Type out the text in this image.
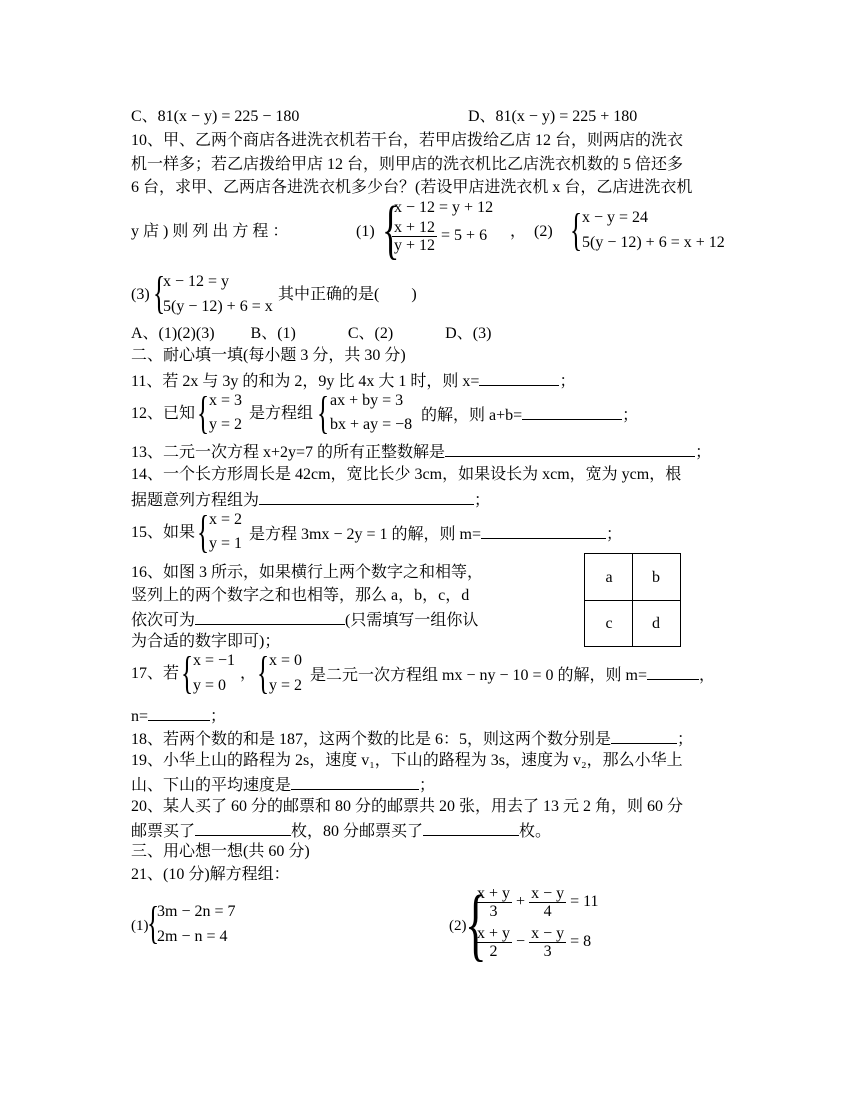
C、81(x − y) = 225 − 180	D、81(x − y) = 225 + 180
10、甲、乙两个商店各进洗衣机若干台，若甲店拨给乙店 12 台，则两店的洗衣
机一样多；若乙店拨给甲店 12 台，则甲店的洗衣机比乙店洗衣机数的 5 倍还多
6 台，求甲、乙两店各进洗衣机多少台？(若设甲店进洗衣机 x 台，乙店进洗衣机
y 店 ) 则 列 出 方 程 ：	(1) {
x − 12 = y + 12
$\frac{x + 12}{y + 12} = 5 + 6$ ， (2) { x − y = 24
5(y − 12) + 6 = x + 12
(3) {
x − 12 = y
5(y − 12) + 6 = x
其中正确的是(　　)
A、(1)(2)(3)　　 B、(1)　　　 C、(2)　　　 D、(3)
二、耐心填一填(每小题 3 分，共 30 分)
11、若 2x 与 3y 的和为 2，9y 比 4x 大 1 时，则 x=	；
12、已知 { x = 3
y = 2
是方程组 { ax + by = 3
bx + ay = −8
的解，则 a+b=	；
13、二元一次方程 x+2y=7 的所有正整数解是	；
14、一个长方形周长是 42cm，宽比长少 3cm，如果设长为 xcm，宽为 ycm，根
据题意列方程组为	；
15、如果 { x = 2
y = 1
是方程 3mx − 2y = 1 的解，则 m=	；
16、如图 3 所示，如果横行上两个数字之和相等，
竖列上的两个数字之和也相等，那么 a，b，c，d
依次可为	(只需填写一组你认
为合适的数字即可)；
a	b
c	d
17、若 { x = −1
y = 0
， { x = 0
y = 2
是二元一次方程组 mx − ny − 10 = 0 的解，则 m=	，
n=	；
18、若两个数的和是 187，这两个数的比是 6：5，则这两个数分别是	；
19、小华上山的路程为 2s，速度 v₁，下山的路程为 3s，速度为 v₂，那么小华上
山、下山的平均速度是	；
20、某人买了 60 分的邮票和 80 分的邮票共 20 张，用去了 13 元 2 角，则 60 分
邮票买了	枚，80 分邮票买了	枚。
三、用心想一想(共 60 分)
21、(10 分)解方程组：
(1)
{
3m − 2n = 7
2m − n = 4
(2)
{
$\frac{x + y}{3} + \frac{x - y}{4} = 11$
$\frac{x + y}{2} - \frac{x - y}{3} = 8$
